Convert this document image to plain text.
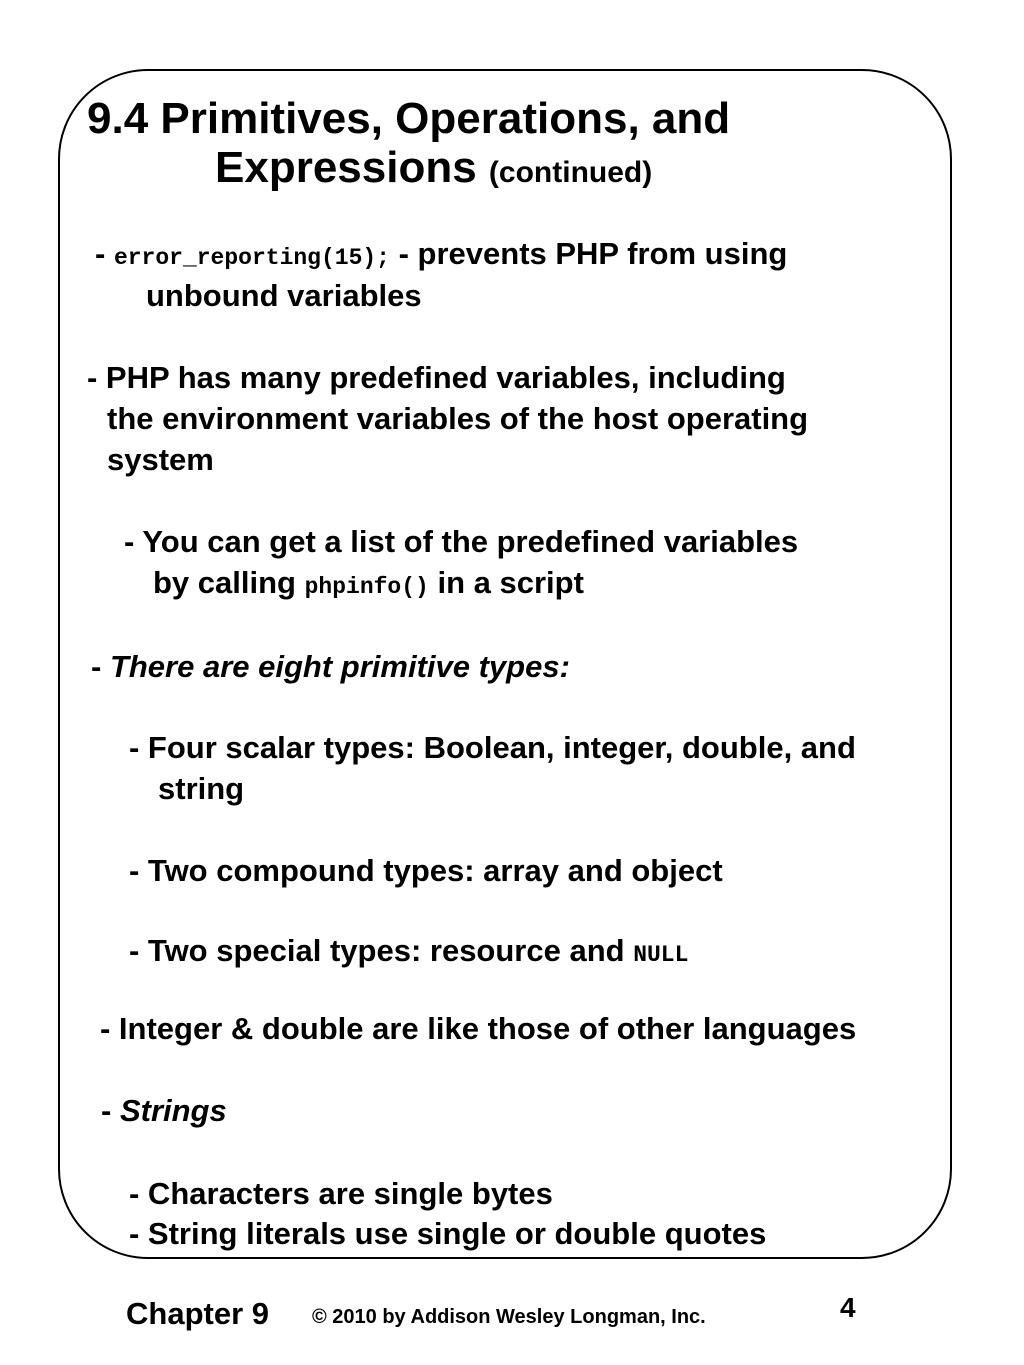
9.4 Primitives, Operations, and
Expressions (continued)
- error_reporting(15); - prevents PHP from using
unbound variables
- PHP has many predefined variables, including
the environment variables of the host operating
system
- You can get a list of the predefined variables
by calling phpinfo() in a script
- There are eight primitive types:
- Four scalar types: Boolean, integer, double, and
string
- Two compound types: array and object
- Two special types: resource and NULL
- Integer & double are like those of other languages
- Strings
- Characters are single bytes
- String literals use single or double quotes
Chapter 9 © 2010 by Addison Wesley Longman, Inc.	4
